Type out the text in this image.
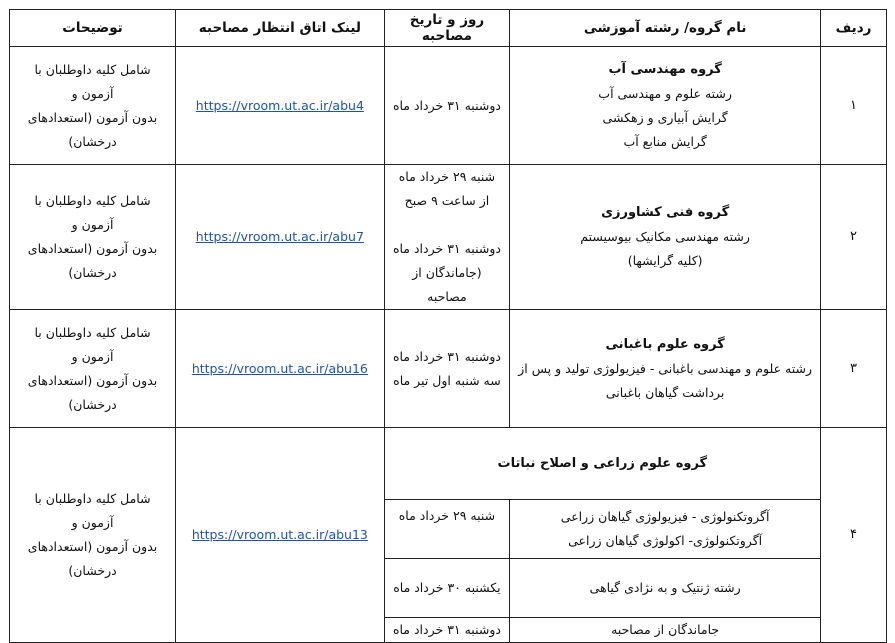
ردیف	نام گروه/ رشته آموزشی	روز و تاریخ مصاحبه	لینک اتاق انتظار مصاحبه	توضیحات
۱	گروه مهندسی آب
رشته علوم و مهندسی آب
گرایش آبیاری و زهکشی
گرایش منابع آب	دوشنبه ۳۱ خرداد ماه	https://vroom.ut.ac.ir/abu4	شامل کلیه داوطلبان با
آزمون و
بدون آزمون (استعدادهای
درخشان)

۲	گروه فنی کشاورزی
رشته مهندسی مکانیک بیوسیستم
(کلیه گرایشها)	شنبه ۲۹ خرداد ماه
از ساعت ۹ صبح
دوشنبه ۳۱ خرداد ماه
(جاماندگان از مصاحبه	https://vroom.ut.ac.ir/abu7	شامل کلیه داوطلبان با
آزمون و
بدون آزمون (استعدادهای
درخشان)

۳	گروه علوم باغبانی
رشته علوم و مهندسی باغبانی - فیزیولوژی تولید و پس از
برداشت گیاهان باغبانی	دوشنبه ۳۱ خرداد ماه
سه شنبه اول تیر ماه	https://vroom.ut.ac.ir/abu16	شامل کلیه داوطلبان با
آزمون و
بدون آزمون (استعدادهای
درخشان)

۴	گروه علوم زراعی و اصلاح نباتات		https://vroom.ut.ac.ir/abu13	شامل کلیه داوطلبان با
آزمون و
بدون آزمون (استعدادهای
درخشان)

	آگروتکنولوژی - فیزیولوژی گیاهان زراعی
آگروتکنولوژی- اکولوژی گیاهان زراعی	شنبه ۲۹ خرداد ماه		

	رشته ژنتیک و به نژادی گیاهی	یکشنبه ۳۰ خرداد ماه		

	جاماندگان از مصاحبه	دوشنبه ۳۱ خرداد ماه		
